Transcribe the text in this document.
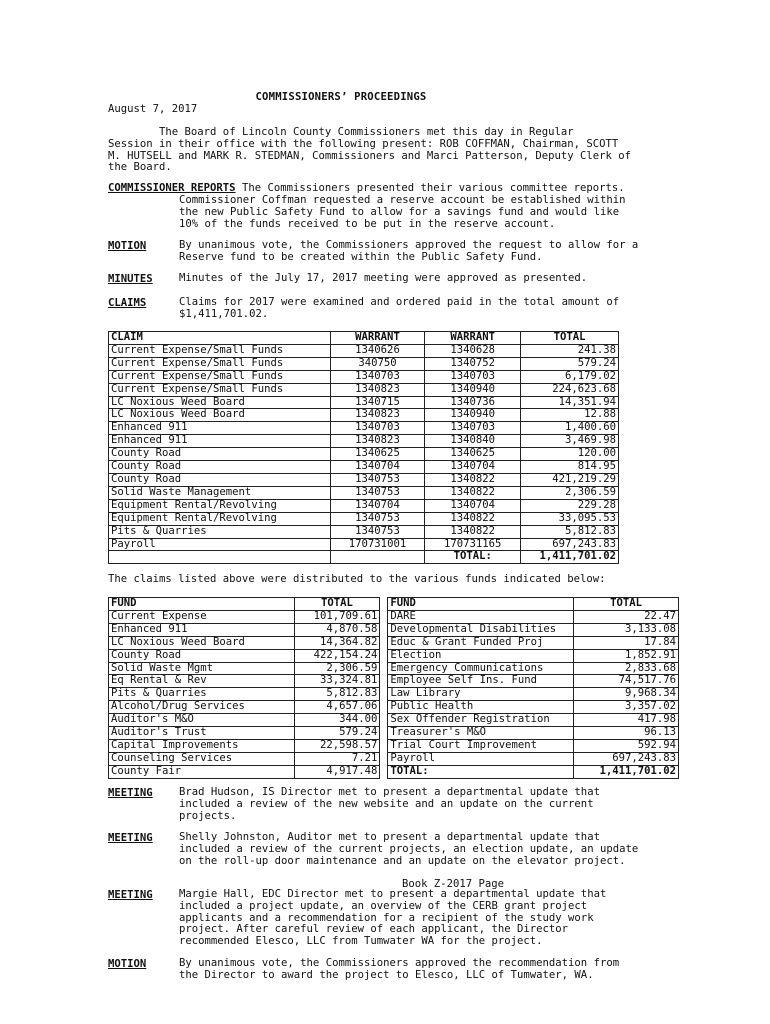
COMMISSIONERS’ PROCEEDINGS
August 7, 2017

The Board of Lincoln County Commissioners met this day in Regular

Session in their office with the following present: ROB COFFMAN, Chairman, SCOTT

M. HUTSELL and MARK R. STEDMAN, Commissioners and Marci Patterson, Deputy Clerk of

the Board.

COMMISSIONER REPORTS The Commissioners presented their various committee reports.

Commissioner Coffman requested a reserve account be established within

the new Public Safety Fund to allow for a savings fund and would like

10% of the funds received to be put in the reserve account.

MOTION	By unanimous vote, the Commissioners approved the request to allow for a

Reserve fund to be created within the Public Safety Fund.

MINUTES Minutes of the July 17, 2017 meeting were approved as presented.

CLAIMS	Claims for 2017 were examined and ordered paid in the total amount of

$1,411,701.02.

CLAIM	WARRANT	WARRANT	TOTAL
Current Expense/Small Funds	1340626	1340628	241.38
Current Expense/Small Funds	340750	1340752	579.24
Current Expense/Small Funds	1340703	1340703	6,179.02
Current Expense/Small Funds	1340823	1340940	224,623.68
LC Noxious Weed Board	1340715	1340736	14,351.94
LC Noxious Weed Board	1340823	1340940	12.88
Enhanced 911	1340703	1340703	1,400.60
Enhanced 911	1340823	1340840	3,469.98
County Road	1340625	1340625	120.00
County Road	1340704	1340704	814.95
County Road	1340753	1340822	421,219.29
Solid Waste Management	1340753	1340822	2,306.59
Equipment Rental/Revolving	1340704	1340704	229.28
Equipment Rental/Revolving	1340753	1340822	33,095.53
Pits & Quarries	1340753	1340822	5,812.83
Payroll	170731001	170731165	697,243.83
		TOTAL:	1,411,701.02
The claims listed above were distributed to the various funds indicated below:
FUND	TOTAL		FUND	TOTAL
Current Expense	101,709.61		DARE	22.47
Enhanced 911	4,870.58		Developmental Disabilities	3,133.08
LC Noxious Weed Board	14,364.82		Educ & Grant Funded Proj	17.84
County Road	422,154.24		Election	1,852.91
Solid Waste Mgmt	2,306.59		Emergency Communications	2,833.68
Eq Rental & Rev	33,324.81		Employee Self Ins. Fund	74,517.76
Pits & Quarries	5,812.83		Law Library	9,968.34
Alcohol/Drug Services	4,657.06		Public Health	3,357.02
Auditor's M&O	344.00		Sex Offender Registration	417.98
Auditor's Trust	579.24		Treasurer's M&O	96.13
Capital Improvements	22,598.57		Trial Court Improvement	592.94
Counseling Services	7.21		Payroll	697,243.83
County Fair	4,917.48		TOTAL:	1,411,701.02
MEETING Brad Hudson, IS Director met to present a departmental update that

included a review of the new website and an update on the current

projects.

MEETING Shelly Johnston, Auditor met to present a departmental update that

included a review of the current projects, an election update, an update

on the roll-up door maintenance and an update on the elevator project.

Book Z-2017 Page
MEETING Margie Hall, EDC Director met to present a departmental update that

included a project update, an overview of the CERB grant project

applicants and a recommendation for a recipient of the study work

project. After careful review of each applicant, the Director

recommended Elesco, LLC from Tumwater WA for the project.

MOTION	By unanimous vote, the Commissioners approved the recommendation from

the Director to award the project to Elesco, LLC of Tumwater, WA.
